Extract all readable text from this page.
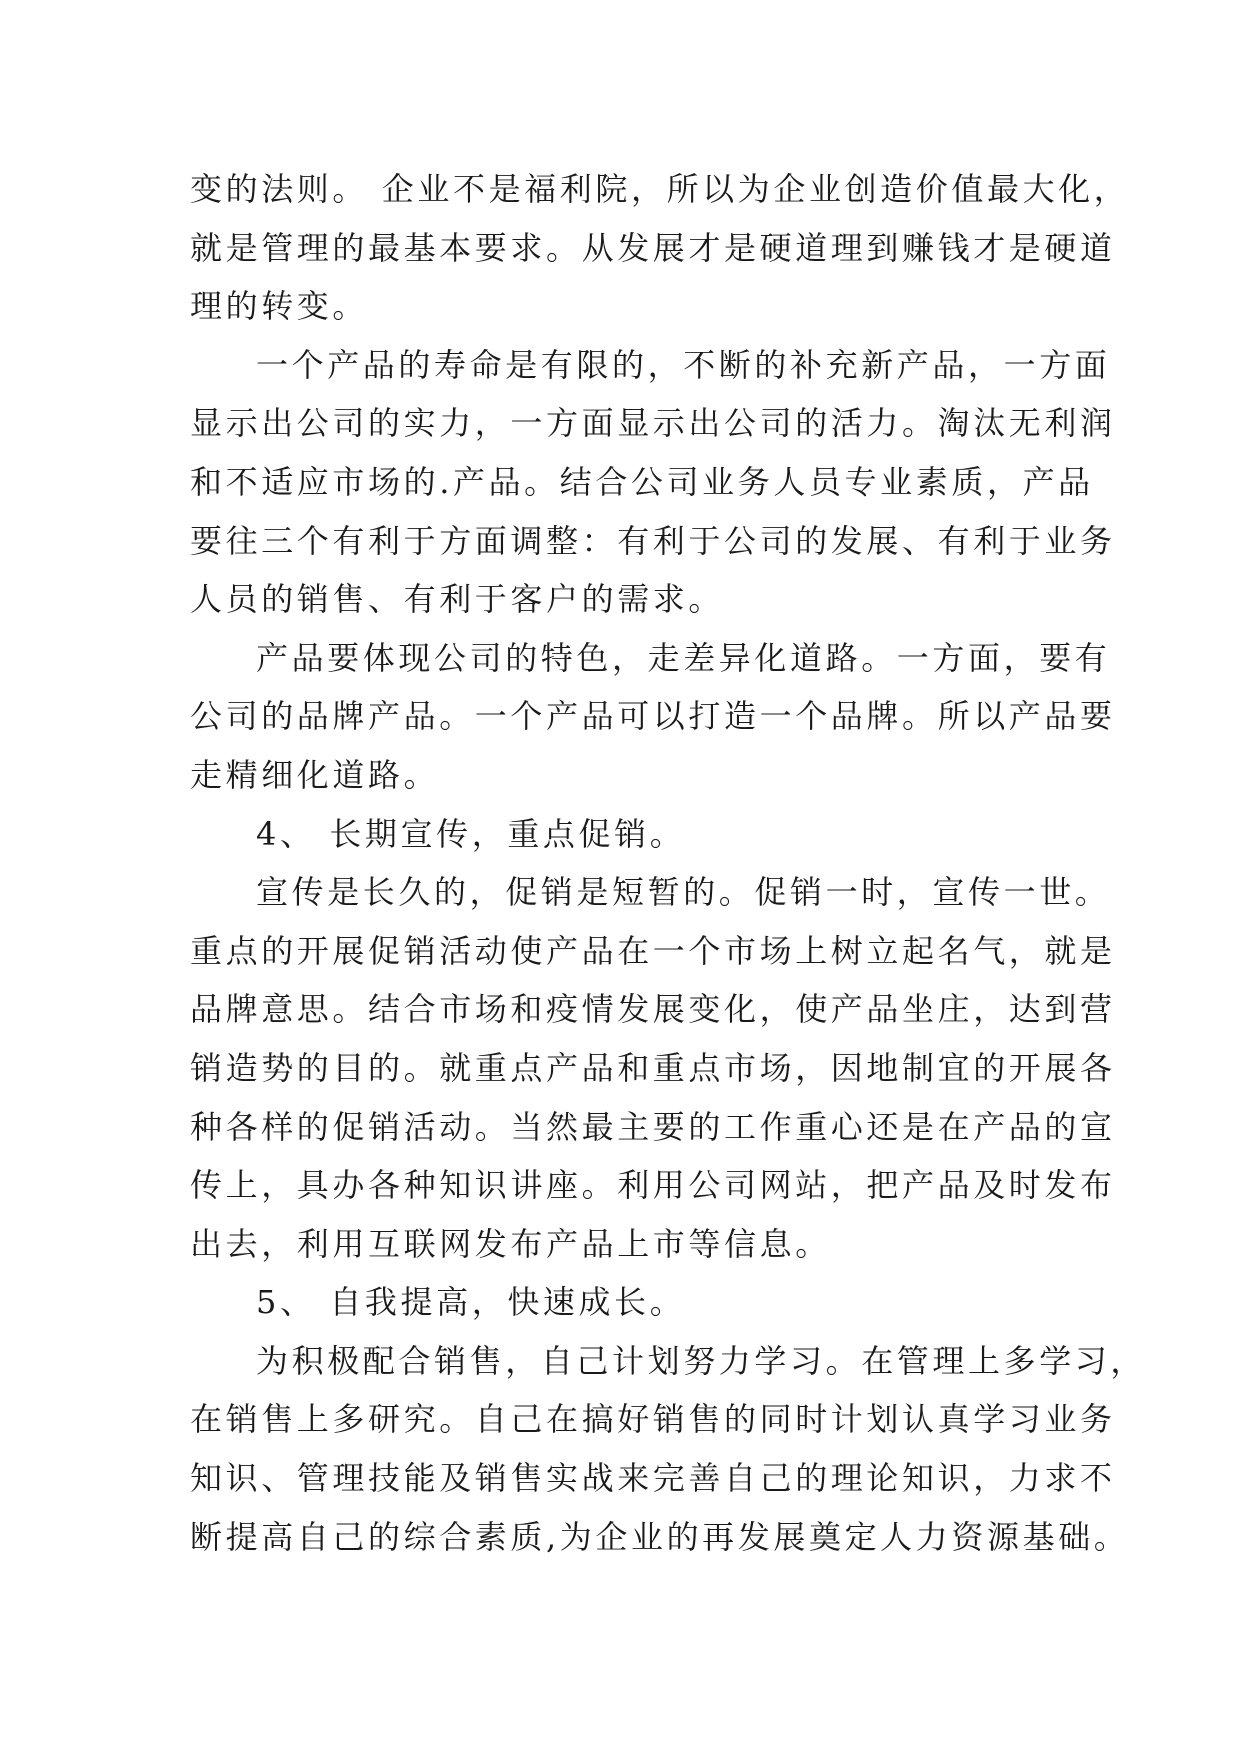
变的法则。 企业不是福利院，所以为企业创造价值最大化，
就是管理的最基本要求。从发展才是硬道理到赚钱才是硬道
理的转变。
一个产品的寿命是有限的，不断的补充新产品，一方面
显示出公司的实力，一方面显示出公司的活力。淘汰无利润
和不适应市场的.产品。结合公司业务人员专业素质，产品
要往三个有利于方面调整：有利于公司的发展、有利于业务
人员的销售、有利于客户的需求。
产品要体现公司的特色，走差异化道路。一方面，要有
公司的品牌产品。一个产品可以打造一个品牌。所以产品要
走精细化道路。
4、 长期宣传，重点促销。
宣传是长久的，促销是短暂的。促销一时，宣传一世。
重点的开展促销活动使产品在一个市场上树立起名气，就是
品牌意思。结合市场和疫情发展变化，使产品坐庄，达到营
销造势的目的。就重点产品和重点市场，因地制宜的开展各
种各样的促销活动。当然最主要的工作重心还是在产品的宣
传上，具办各种知识讲座。利用公司网站，把产品及时发布
出去，利用互联网发布产品上市等信息。
5、 自我提高，快速成长。
为积极配合销售，自己计划努力学习。在管理上多学习，
在销售上多研究。自己在搞好销售的同时计划认真学习业务
知识、管理技能及销售实战来完善自己的理论知识，力求不
断提高自己的综合素质,为企业的再发展奠定人力资源基础。
